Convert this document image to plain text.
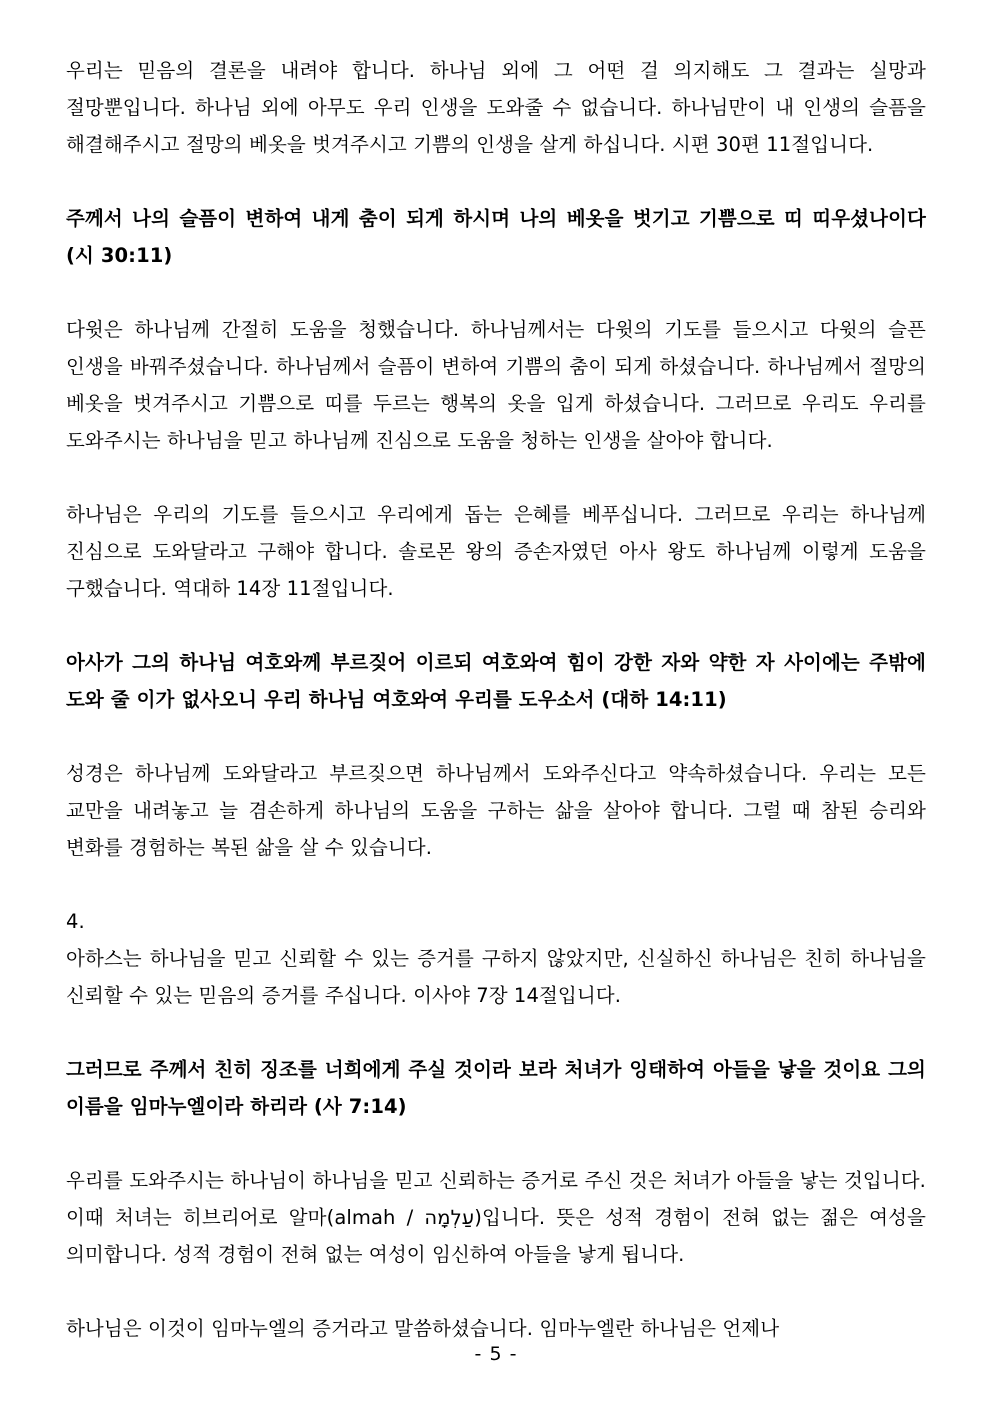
우리는 믿음의 결론을 내려야 합니다. 하나님 외에 그 어떤 걸 의지해도 그 결과는 실망과 절망뿐입니다. 하나님 외에 아무도 우리 인생을 도와줄 수 없습니다. 하나님만이 내 인생의 슬픔을 해결해주시고 절망의 베옷을 벗겨주시고 기쁨의 인생을 살게 하십니다. 시편 30편 11절입니다.

주께서 나의 슬픔이 변하여 내게 춤이 되게 하시며 나의 베옷을 벗기고 기쁨으로 띠 띠우셨나이다 (시 30:11)

다윗은 하나님께 간절히 도움을 청했습니다. 하나님께서는 다윗의 기도를 들으시고 다윗의 슬픈 인생을 바꿔주셨습니다. 하나님께서 슬픔이 변하여 기쁨의 춤이 되게 하셨습니다. 하나님께서 절망의 베옷을 벗겨주시고 기쁨으로 띠를 두르는 행복의 옷을 입게 하셨습니다. 그러므로 우리도 우리를 도와주시는 하나님을 믿고 하나님께 진심으로 도움을 청하는 인생을 살아야 합니다.

하나님은 우리의 기도를 들으시고 우리에게 돕는 은혜를 베푸십니다. 그러므로 우리는 하나님께 진심으로 도와달라고 구해야 합니다. 솔로몬 왕의 증손자였던 아사 왕도 하나님께 이렇게 도움을 구했습니다. 역대하 14장 11절입니다.

아사가 그의 하나님 여호와께 부르짖어 이르되 여호와여 힘이 강한 자와 약한 자 사이에는 주밖에 도와 줄 이가 없사오니 우리 하나님 여호와여 우리를 도우소서 (대하 14:11)

성경은 하나님께 도와달라고 부르짖으면 하나님께서 도와주신다고 약속하셨습니다. 우리는 모든 교만을 내려놓고 늘 겸손하게 하나님의 도움을 구하는 삶을 살아야 합니다. 그럴 때 참된 승리와 변화를 경험하는 복된 삶을 살 수 있습니다.

4.

아하스는 하나님을 믿고 신뢰할 수 있는 증거를 구하지 않았지만, 신실하신 하나님은 친히 하나님을 신뢰할 수 있는 믿음의 증거를 주십니다. 이사야 7장 14절입니다.

그러므로 주께서 친히 징조를 너희에게 주실 것이라 보라 처녀가 잉태하여 아들을 낳을 것이요 그의 이름을 임마누엘이라 하리라 (사 7:14)

우리를 도와주시는 하나님이 하나님을 믿고 신뢰하는 증거로 주신 것은 처녀가 아들을 낳는 것입니다. 이때 처녀는 히브리어로 알마(almah / עַלְמָה)입니다. 뜻은 성적 경험이 전혀 없는 젊은 여성을 의미합니다. 성적 경험이 전혀 없는 여성이 임신하여 아들을 낳게 됩니다.

하나님은 이것이 임마누엘의 증거라고 말씀하셨습니다. 임마누엘란 하나님은 언제나

- 5 -
